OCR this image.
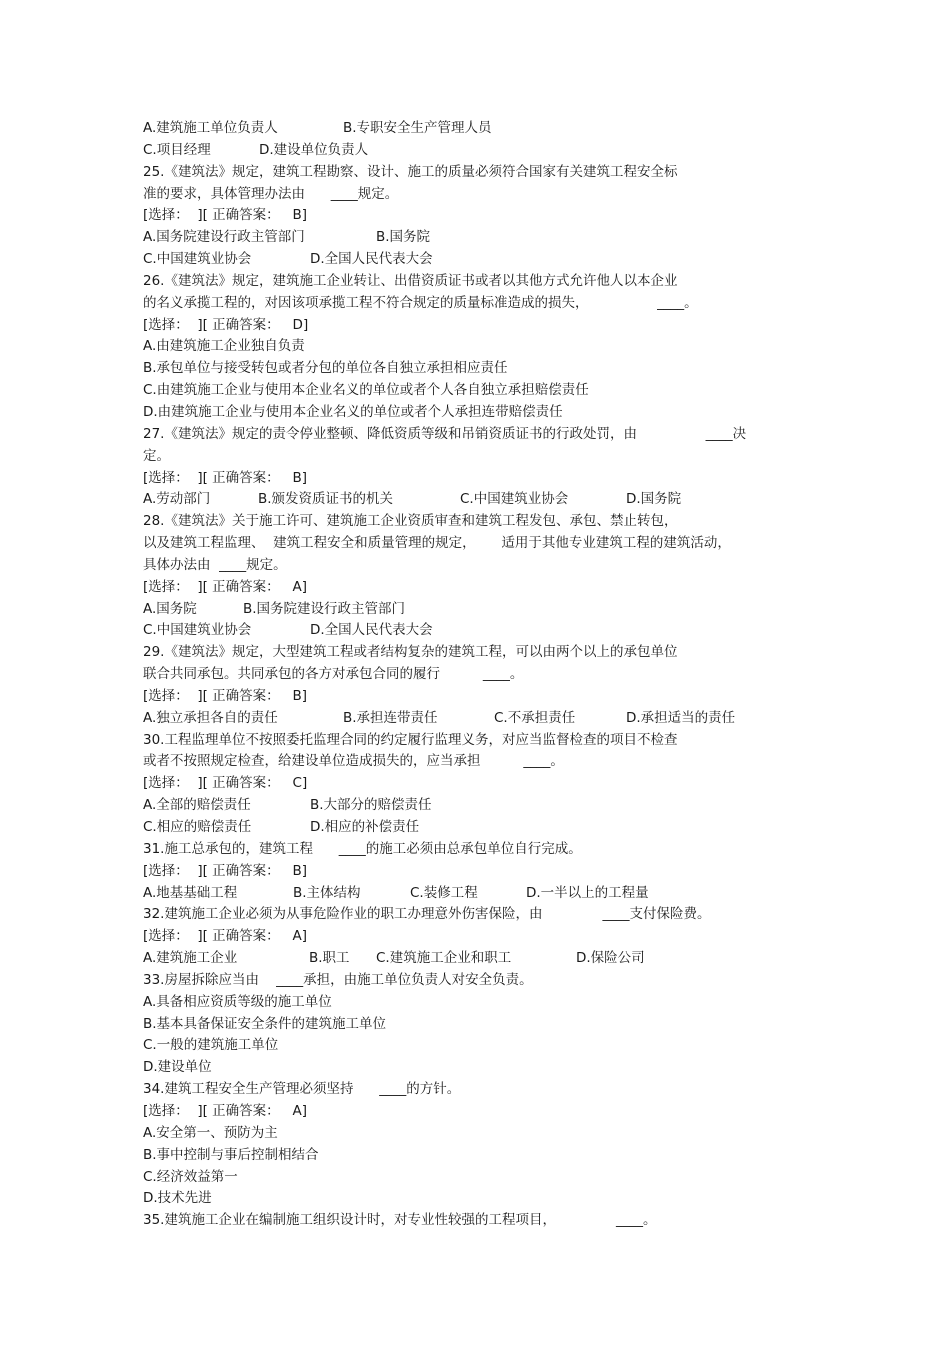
A.建筑施工单位负责人	B.专职安全生产管理人员
C.项目经理	D.建设单位负责人
25.《建筑法》规定，建筑工程勘察、设计、施工的质量必须符合国家有关建筑工程安全标
准的要求，具体管理办法由      ____规定。
[选择：  ][ 正确答案：   B]
A.国务院建设行政主管部门	B.国务院
C.中国建筑业协会	D.全国人民代表大会
26.《建筑法》规定，建筑施工企业转让、出借资质证书或者以其他方式允许他人以本企业
的名义承揽工程的，对因该项承揽工程不符合规定的质量标准造成的损失，                ____。
[选择：  ][ 正确答案：   D]
A.由建筑施工企业独自负责
B.承包单位与接受转包或者分包的单位各自独立承担相应责任
C.由建筑施工企业与使用本企业名义的单位或者个人各自独立承担赔偿责任
D.由建筑施工企业与使用本企业名义的单位或者个人承担连带赔偿责任
27.《建筑法》规定的责令停业整顿、降低资质等级和吊销资质证书的行政处罚，由                ____决
定。
[选择：  ][ 正确答案：   B]
A.劳动部门	B.颁发资质证书的机关	C.中国建筑业协会	D.国务院
28.《建筑法》关于施工许可、建筑施工企业资质审查和建筑工程发包、承包、禁止转包，
以及建筑工程监理、  建筑工程安全和质量管理的规定，      适用于其他专业建筑工程的建筑活动，
具体办法由  ____规定。
[选择：  ][ 正确答案：   A]
A.国务院	B.国务院建设行政主管部门
C.中国建筑业协会	D.全国人民代表大会
29.《建筑法》规定，大型建筑工程或者结构复杂的建筑工程，可以由两个以上的承包单位
联合共同承包。共同承包的各方对承包合同的履行          ____。
[选择：  ][ 正确答案：   B]
A.独立承担各自的责任	B.承担连带责任	C.不承担责任	D.承担适当的责任
30.工程监理单位不按照委托监理合同的约定履行监理义务，对应当监督检查的项目不检查
或者不按照规定检查，给建设单位造成损失的，应当承担          ____。
[选择：  ][ 正确答案：   C]
A.全部的赔偿责任	B.大部分的赔偿责任
C.相应的赔偿责任	D.相应的补偿责任
31.施工总承包的，建筑工程      ____的施工必须由总承包单位自行完成。
[选择：  ][ 正确答案：   B]
A.地基基础工程	B.主体结构	C.装修工程	D.一半以上的工程量
32.建筑施工企业必须为从事危险作业的职工办理意外伤害保险，由              ____支付保险费。
[选择：  ][ 正确答案：   A]
A.建筑施工企业	B.职工 C.建筑施工企业和职工	D.保险公司
33.房屋拆除应当由    ____承担，由施工单位负责人对安全负责。
A.具备相应资质等级的施工单位
B.基本具备保证安全条件的建筑施工单位
C.一般的建筑施工单位
D.建设单位
34.建筑工程安全生产管理必须坚持      ____的方针。
[选择：  ][ 正确答案：   A]
A.安全第一、预防为主
B.事中控制与事后控制相结合
C.经济效益第一
D.技术先进
35.建筑施工企业在编制施工组织设计时，对专业性较强的工程项目，              ____。
